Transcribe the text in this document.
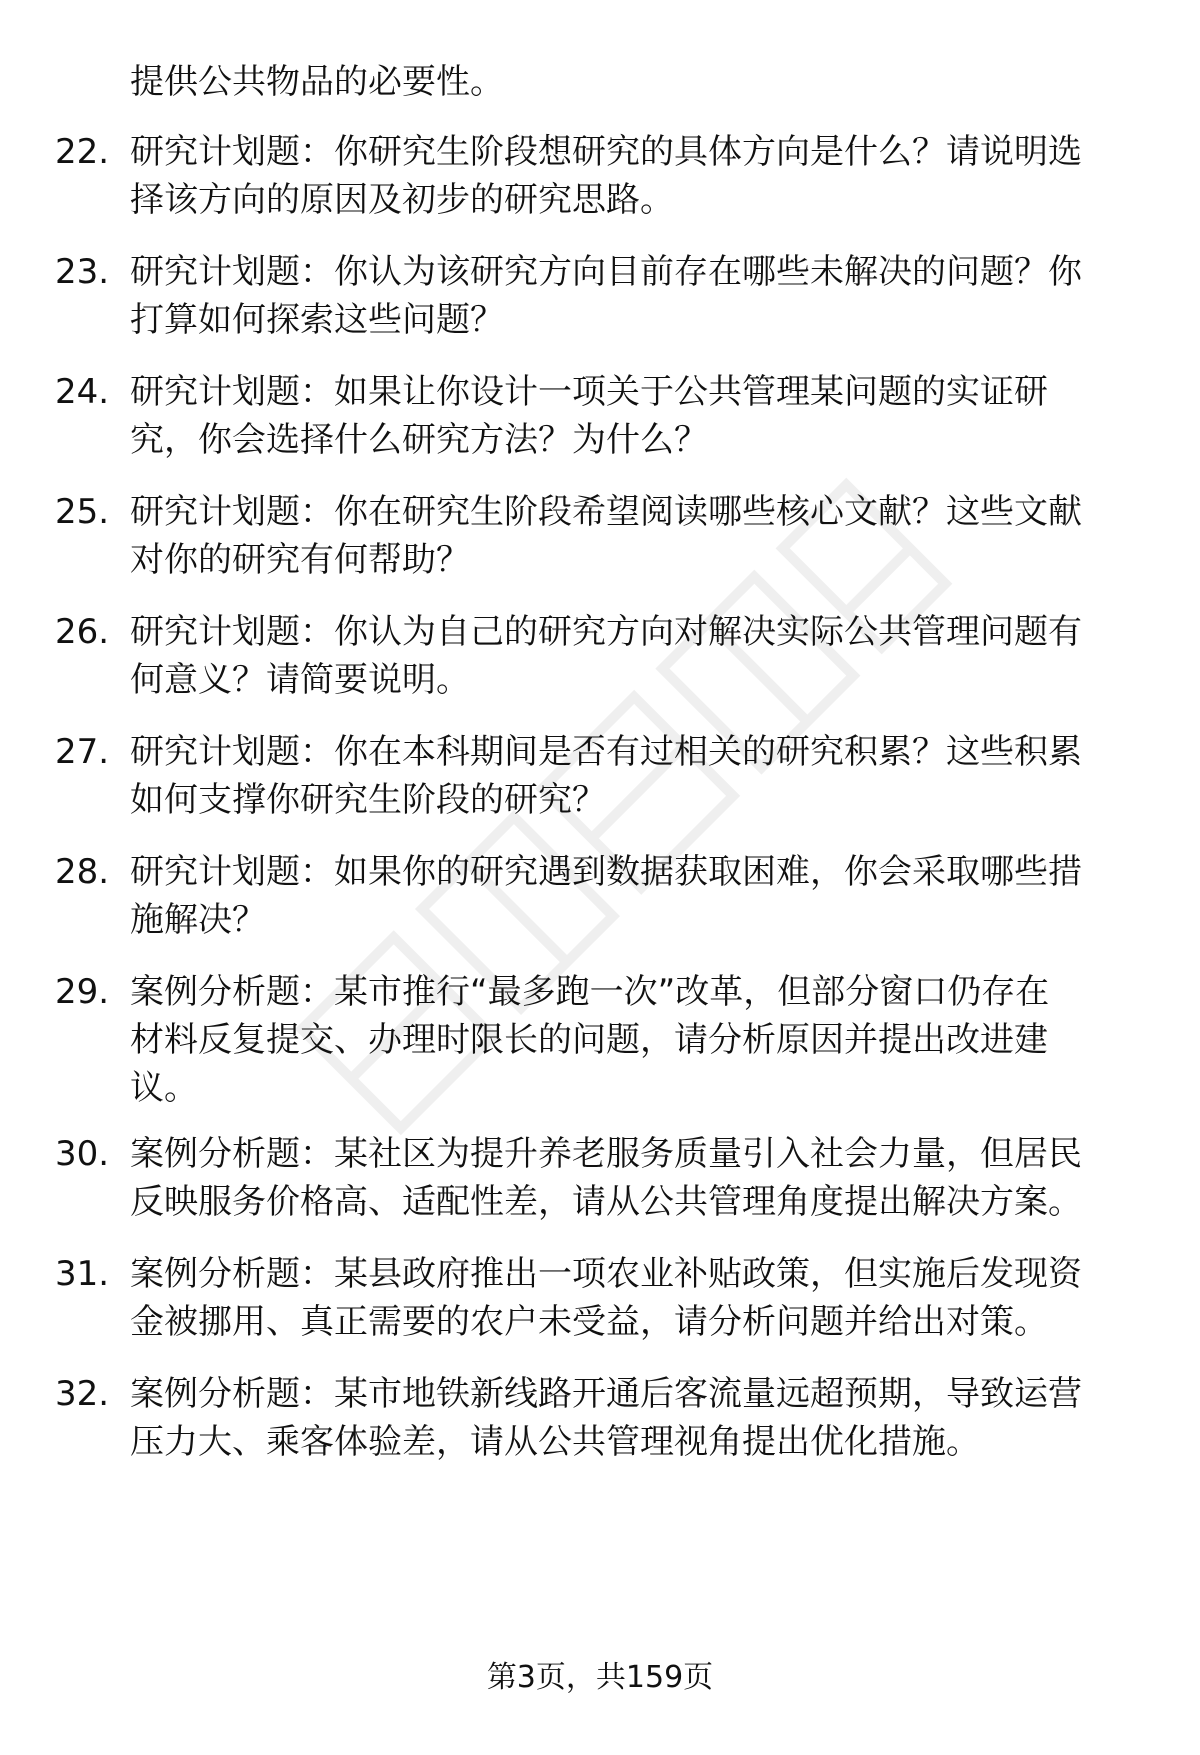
提供公共物品的必要性。
22. 研究计划题：你研究生阶段想研究的具体方向是什么？请说明选
择该方向的原因及初步的研究思路。
23. 研究计划题：你认为该研究方向目前存在哪些未解决的问题？你
打算如何探索这些问题？
24. 研究计划题：如果让你设计一项关于公共管理某问题的实证研
究，你会选择什么研究方法？为什么？
25. 研究计划题：你在研究生阶段希望阅读哪些核心文献？这些文献
对你的研究有何帮助？
26. 研究计划题：你认为自己的研究方向对解决实际公共管理问题有
何意义？请简要说明。
27. 研究计划题：你在本科期间是否有过相关的研究积累？这些积累
如何支撑你研究生阶段的研究？
28. 研究计划题：如果你的研究遇到数据获取困难，你会采取哪些措
施解决？
29. 案例分析题：某市推行“最多跑一次”改革，但部分窗口仍存在
材料反复提交、办理时限长的问题，请分析原因并提出改进建
议。
30. 案例分析题：某社区为提升养老服务质量引入社会力量，但居民
反映服务价格高、适配性差，请从公共管理角度提出解决方案。
31. 案例分析题：某县政府推出一项农业补贴政策，但实施后发现资
金被挪用、真正需要的农户未受益，请分析问题并给出对策。
32. 案例分析题：某市地铁新线路开通后客流量远超预期，导致运营
压力大、乘客体验差，请从公共管理视角提出优化措施。
第3页，共159页
